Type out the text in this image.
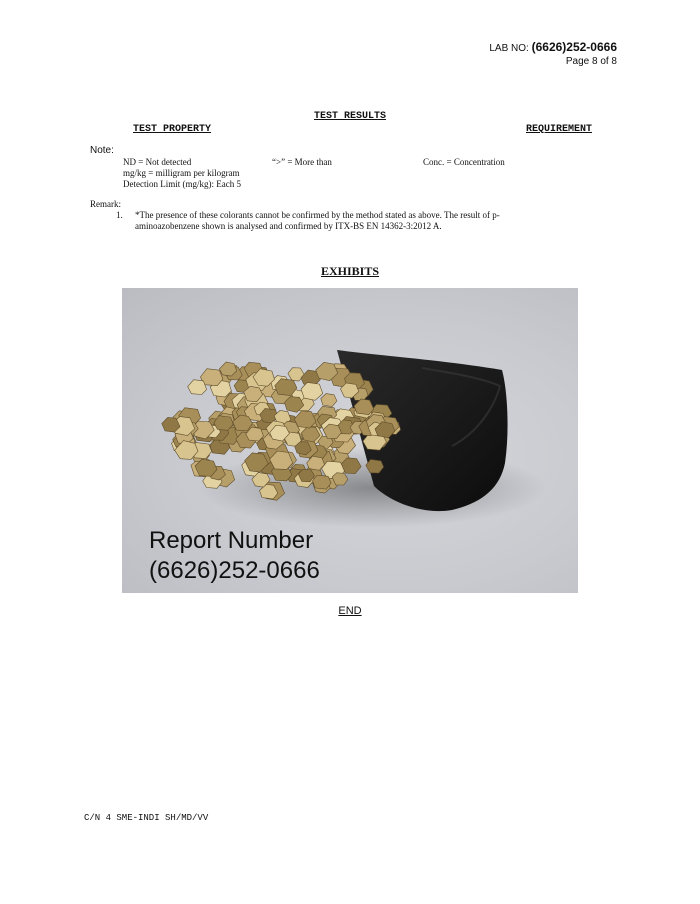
LAB NO: (6626)252-0666
Page 8 of 8
TEST RESULTS
TEST PROPERTY	REQUIREMENT
Note:
ND = Not detected	“>” = More than	Conc. = Concentration
mg/kg = milligram per kilogram
Detection Limit (mg/kg): Each 5
Remark:
1. *The presence of these colorants cannot be confirmed by the method stated as above. The result of p-aminoazobenzene shown is analysed and confirmed by ITX-BS EN 14362-3:2012 A.
EXHIBITS
Report Number
(6626)252-0666
END
C/N 4 SME-INDI SH/MD/VV
